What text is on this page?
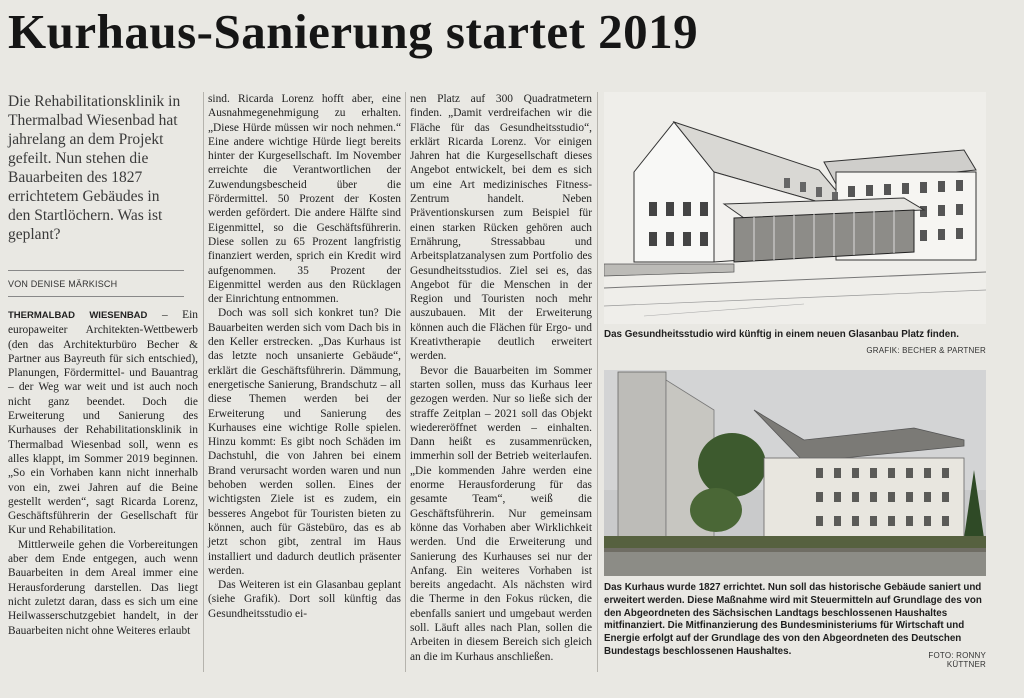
Kurhaus-Sanierung startet 2019
Die Rehabilitationsklinik in Thermalbad Wiesenbad hat jahrelang an dem Projekt gefeilt. Nun stehen die Bauarbeiten des 1827 errichtetem Gebäudes in den Startlöchern. Was ist geplant?
VON DENISE MÄRKISCH

THERMALBAD WIESENBAD – Ein europaweiter Architekten-Wettbewerb (den das Architekturbüro Becher & Partner aus Bayreuth für sich entschied), Planungen, Fördermittel- und Bauantrag – der Weg war weit und ist auch noch nicht ganz beendet. Doch die Erweiterung und Sanierung des Kurhauses der Rehabilitationsklinik in Thermalbad Wiesenbad soll, wenn es alles klappt, im Sommer 2019 beginnen. „So ein Vorhaben kann nicht innerhalb von ein, zwei Jahren auf die Beine gestellt werden“, sagt Ricarda Lorenz, Geschäftsführerin der Gesellschaft für Kur und Rehabilitation.

Mittlerweile gehen die Vorbereitungen aber dem Ende entgegen, auch wenn Bauarbeiten in dem Areal immer eine Herausforderung darstellen. Das liegt nicht zuletzt daran, dass es sich um eine Heilwasserschutzgebiet handelt, in der Bauarbeiten nicht ohne Weiteres erlaubt

sind. Ricarda Lorenz hofft aber, eine Ausnahmegenehmigung zu erhalten. „Diese Hürde müssen wir noch nehmen.“ Eine andere wichtige Hürde liegt bereits hinter der Kurgesellschaft. Im November erreichte die Verantwortlichen der Zuwendungsbescheid über die Fördermittel. 50 Prozent der Kosten werden gefördert. Die andere Hälfte sind Eigenmittel, so die Geschäftsführerin. Diese sollen zu 65 Prozent langfristig finanziert werden, sprich ein Kredit wird aufgenommen. 35 Prozent der Eigenmittel werden aus den Rücklagen der Einrichtung entnommen.

Doch was soll sich konkret tun? Die Bauarbeiten werden sich vom Dach bis in den Keller erstrecken. „Das Kurhaus ist das letzte noch unsanierte Gebäude“, erklärt die Geschäftsführerin. Dämmung, energetische Sanierung, Brandschutz – all diese Themen werden bei der Erweiterung und Sanierung des Kurhauses eine wichtige Rolle spielen. Hinzu kommt: Es gibt noch Schäden im Dachstuhl, die von Jahren bei einem Brand verursacht worden waren und nun behoben werden sollen. Eines der wichtigsten Ziele ist es zudem, ein besseres Angebot für Touristen bieten zu können, auch für Gästebüro, das es ab jetzt schon gibt, zentral im Haus installiert und dadurch deutlich präsenter werden.

Das Weiteren ist ein Glasanbau geplant (siehe Grafik). Dort soll künftig das Gesundheitsstudio ei-

nen Platz auf 300 Quadratmetern finden. „Damit verdreifachen wir die Fläche für das Gesundheitsstudio“, erklärt Ricarda Lorenz. Vor einigen Jahren hat die Kurgesellschaft dieses Angebot entwickelt, bei dem es sich um eine Art medizinisches Fitness-Zentrum handelt. Neben Präventionskursen zum Beispiel für einen starken Rücken gehören auch Ernährung, Stressabbau und Arbeitsplatzanalysen zum Portfolio des Gesundheitsstudios. Ziel sei es, das Angebot für die Menschen in der Region und Touristen noch mehr auszubauen. Mit der Erweiterung können auch die Flächen für Ergo- und Kreativtherapie deutlich erweitert werden.

Bevor die Bauarbeiten im Sommer starten sollen, muss das Kurhaus leer gezogen werden. Nur so ließe sich der straffe Zeitplan – 2021 soll das Objekt wiedereröffnet werden – einhalten. Dann heißt es zusammenrücken, immerhin soll der Betrieb weiterlaufen. „Die kommenden Jahre werden eine enorme Herausforderung für das gesamte Team“, weiß die Geschäftsführerin. Nur gemeinsam könne das Vorhaben aber Wirklichkeit werden. Und die Erweiterung und Sanierung des Kurhauses sei nur der Anfang. Ein weiteres Vorhaben ist bereits angedacht. Als nächsten wird die Therme in den Fokus rücken, die ebenfalls saniert und umgebaut werden soll. Läuft alles nach Plan, sollen die Arbeiten in diesem Bereich sich gleich an die im Kurhaus anschließen.

Das Gesundheitsstudio wird künftig in einem neuen Glasanbau Platz finden.
GRAFIK: BECHER & PARTNER
Das Kurhaus wurde 1827 errichtet. Nun soll das historische Gebäude saniert und erweitert werden. Diese Maßnahme wird mit Steuermitteln auf Grundlage des von den Abgeordneten des Sächsischen Landtags beschlossenen Haushaltes mitfinanziert. Die Mitfinanzierung des Bundesministeriums für Wirtschaft und Energie erfolgt auf der Grundlage des von den Abgeordneten des Deutschen Bundestags beschlossenen Haushaltes.	FOTO: RONNY KÜTTNER
